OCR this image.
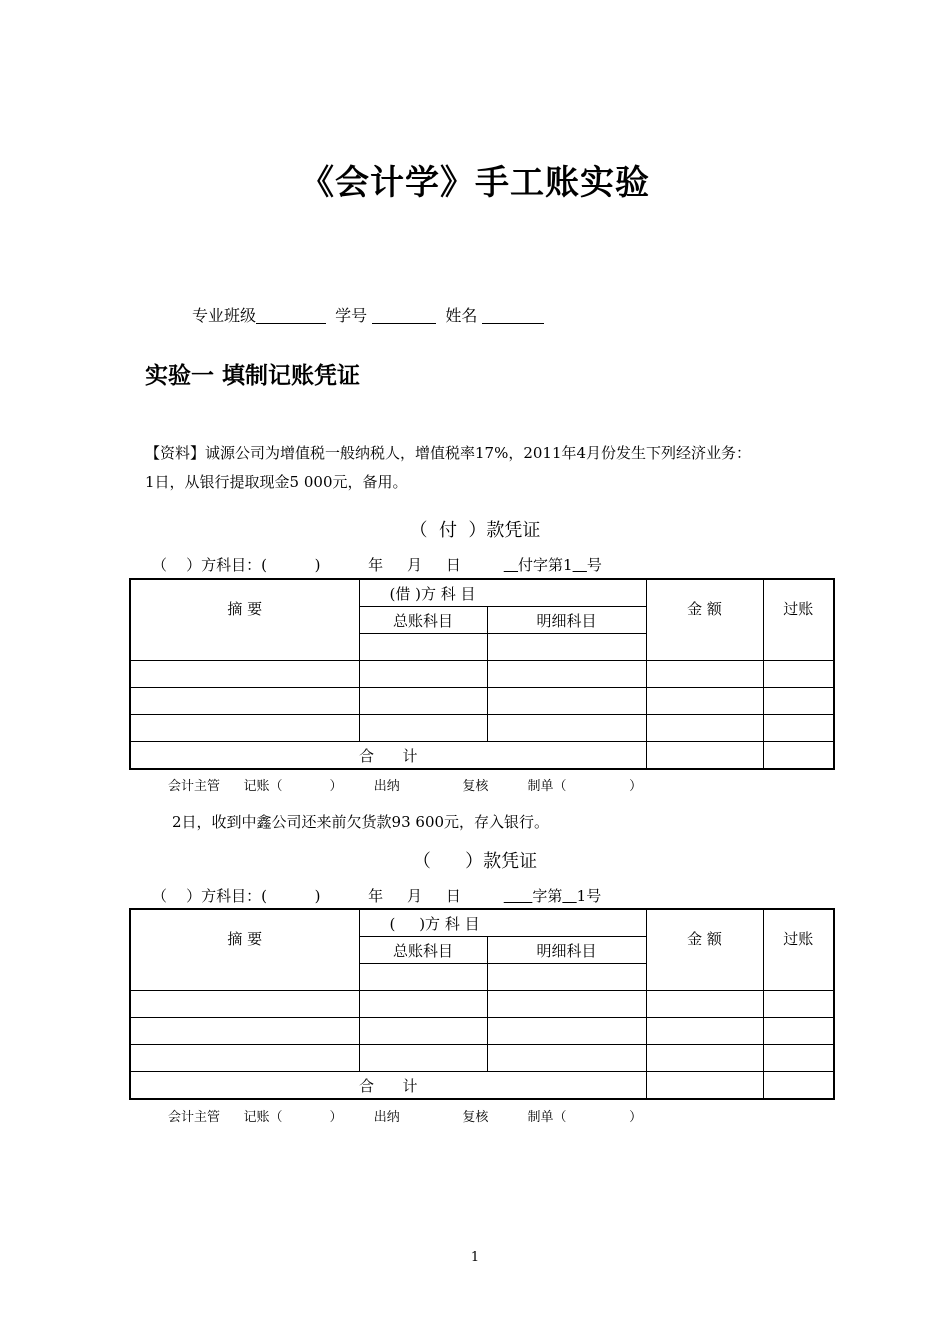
《会计学》手工账实验
专业班级	学号	姓名
实验一 填制记账凭证
【资料】诚源公司为增值税一般纳税人，增值税率17%，2011年4月份发生下列经济业务：
1日，从银行提取现金5 000元，备用。
（  付  ）款凭证
（    ）方科目：(          )          年     月     日            付字第1 号
摘 要	(借 )方 科 目		金 额	过账
	总账科目	明细科目		

合      计				
会计主管   记账（      ）    出纳        复核     制单（        ）
2日，收到中鑫公司还来前欠货款93 600元，存入银行。
（      ）款凭证
（    ）方科目：(          )          年     月     日               字第 1号
摘 要	(     )方 科 目		金 额	过账
	总账科目	明细科目		

合      计				
会计主管   记账（      ）    出纳        复核     制单（        ）
1
